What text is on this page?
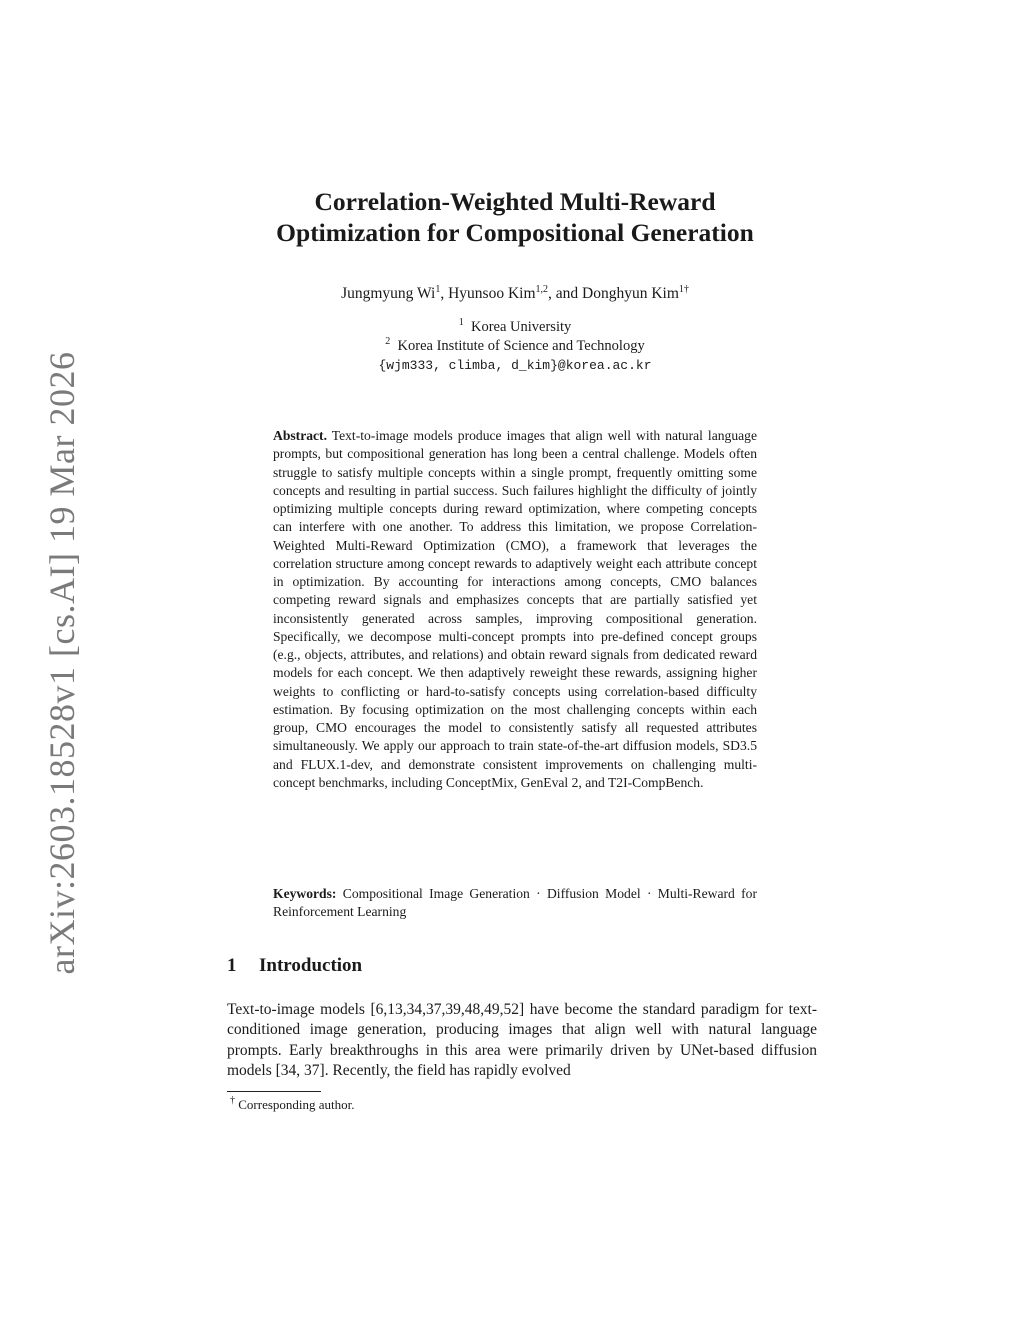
arXiv:2603.18528v1 [cs.AI] 19 Mar 2026
Correlation-Weighted Multi-Reward
Optimization for Compositional Generation
Jungmyung Wi$^1$, Hyunsoo Kim$^{1,2}$, and Donghyun Kim$^{1\dagger}$
$^1$ Korea University
$^2$ Korea Institute of Science and Technology
{wjm333, climba, d_kim}@korea.ac.kr
Abstract. Text-to-image models produce images that align well with natural language prompts, but compositional generation has long been a central challenge. Models often struggle to satisfy multiple concepts within a single prompt, frequently omitting some concepts and resulting in partial success. Such failures highlight the difficulty of jointly optimizing multiple concepts during reward optimization, where competing concepts can interfere with one another. To address this limitation, we propose Correlation-Weighted Multi-Reward Optimization (CMO), a framework that leverages the correlation structure among concept rewards to adaptively weight each attribute concept in optimization. By accounting for interactions among concepts, CMO balances competing reward signals and emphasizes concepts that are partially satisfied yet inconsistently generated across samples, improving compositional generation. Specifically, we decompose multi-concept prompts into pre-defined concept groups (e.g., objects, attributes, and relations) and obtain reward signals from dedicated reward models for each concept. We then adaptively reweight these rewards, assigning higher weights to conflicting or hard-to-satisfy concepts using correlation-based difficulty estimation. By focusing optimization on the most challenging concepts within each group, CMO encourages the model to consistently satisfy all requested attributes simultaneously. We apply our approach to train state-of-the-art diffusion models, SD3.5 and FLUX.1-dev, and demonstrate consistent improvements on challenging multi-concept benchmarks, including ConceptMix, GenEval 2, and T2I-CompBench.
Keywords: Compositional Image Generation · Diffusion Model · Multi-Reward for Reinforcement Learning
1 Introduction
Text-to-image models [6,13,34,37,39,48,49,52] have become the standard paradigm for text-conditioned image generation, producing images that align well with natural language prompts. Early breakthroughs in this area were primarily driven by UNet-based diffusion models [34, 37]. Recently, the field has rapidly evolved
† Corresponding author.
